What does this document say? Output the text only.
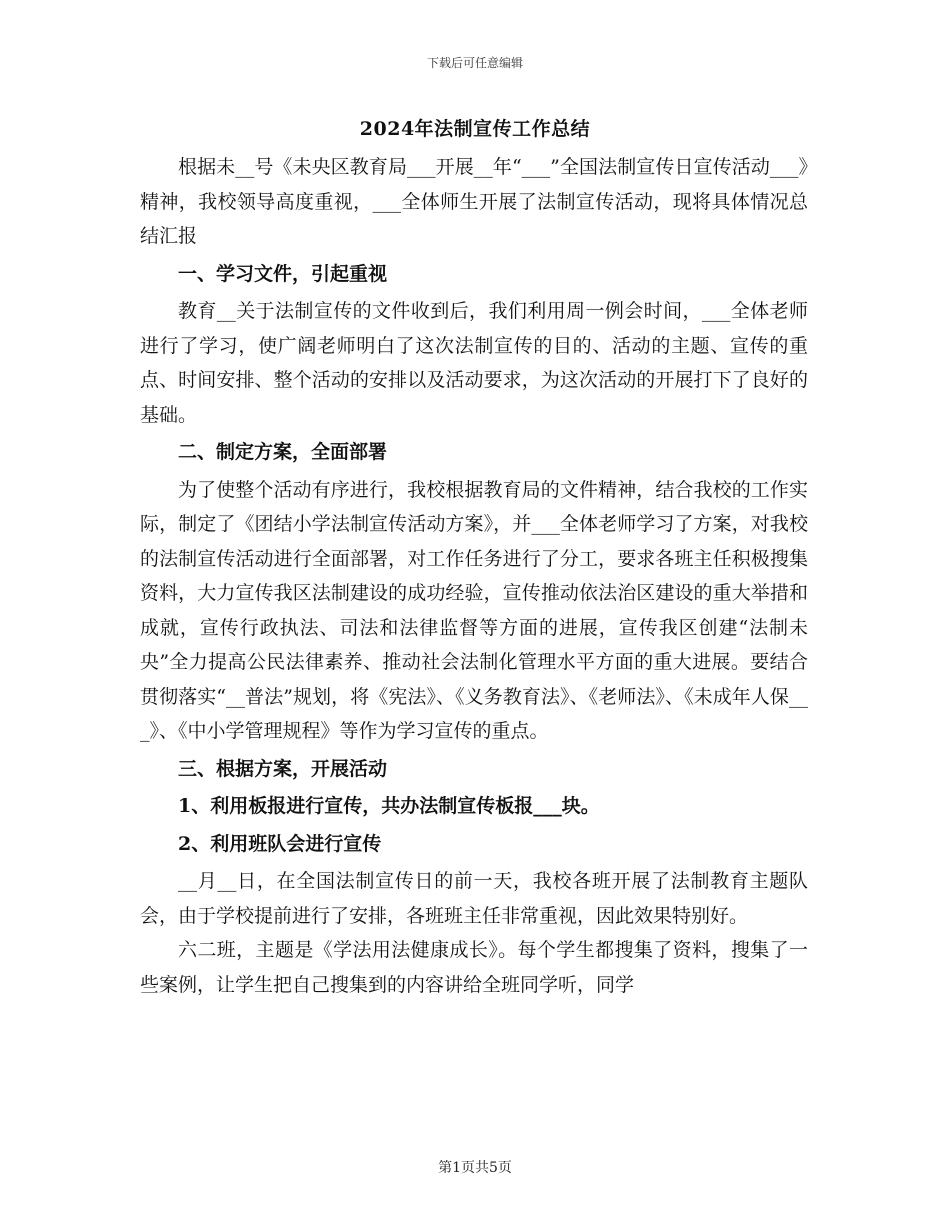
下载后可任意编辑
2024年法制宣传工作总结

根据未__号《未央区教育局___开展__年“___”全国法制宣传日宣传活动___》精神，我校领导高度重视，___全体师生开展了法制宣传活动，现将具体情况总结汇报

一、学习文件，引起重视

教育__关于法制宣传的文件收到后，我们利用周一例会时间，___全体老师进行了学习，使广阔老师明白了这次法制宣传的目的、活动的主题、宣传的重点、时间安排、整个活动的安排以及活动要求，为这次活动的开展打下了良好的基础。

二、制定方案，全面部署

为了使整个活动有序进行，我校根据教育局的文件精神，结合我校的工作实际，制定了《团结小学法制宣传活动方案》，并___全体老师学习了方案，对我校的法制宣传活动进行全面部署，对工作任务进行了分工，要求各班主任积极搜集资料，大力宣传我区法制建设的成功经验，宣传推动依法治区建设的重大举措和成就，宣传行政执法、司法和法律监督等方面的进展，宣传我区创建“法制未央”全力提高公民法律素养、推动社会法制化管理水平方面的重大进展。要结合贯彻落实“__普法”规划，将《宪法》、《义务教育法》、《老师法》、《未成年人保___》、《中小学管理规程》等作为学习宣传的重点。

三、根据方案，开展活动

1、利用板报进行宣传，共办法制宣传板报___块。

2、利用班队会进行宣传

__月__日，在全国法制宣传日的前一天，我校各班开展了法制教育主题队会，由于学校提前进行了安排，各班班主任非常重视，因此效果特别好。

六二班，主题是《学法用法健康成长》。每个学生都搜集了资料，搜集了一些案例，让学生把自己搜集到的内容讲给全班同学听，同学

第1页共5页
